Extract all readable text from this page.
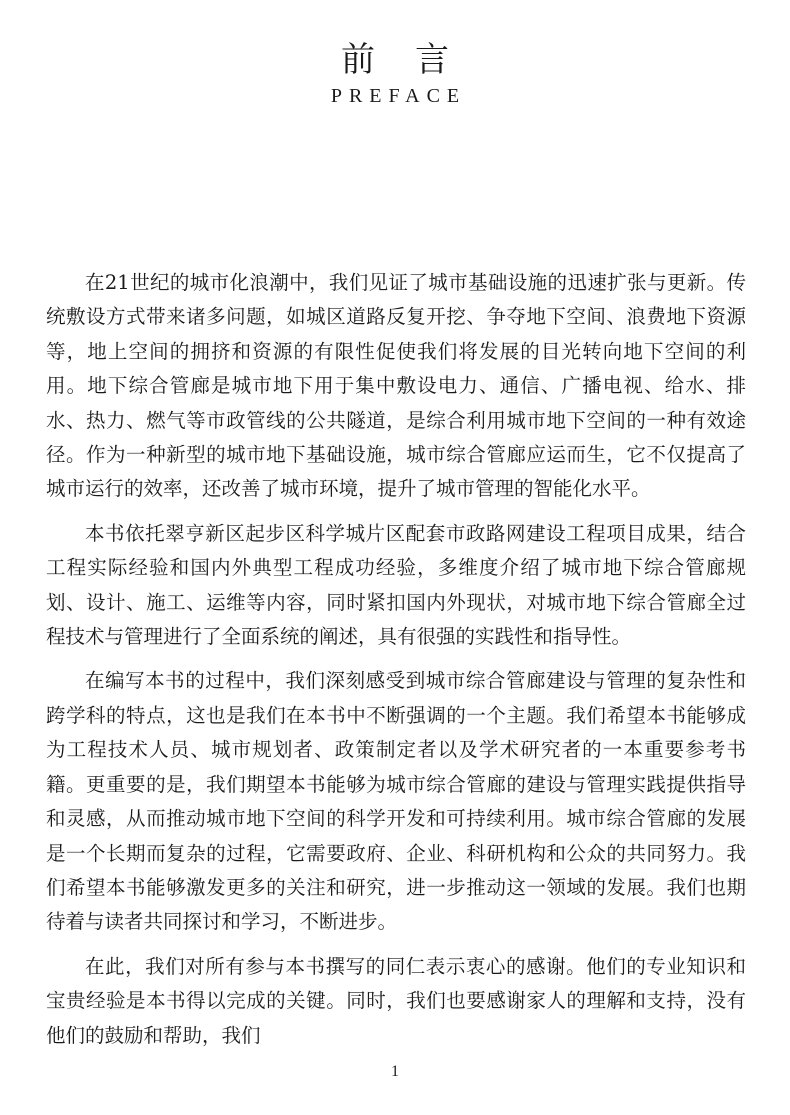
前言
PREFACE

在21世纪的城市化浪潮中，我们见证了城市基础设施的迅速扩张与更新。传统敷设方式带来诸多问题，如城区道路反复开挖、争夺地下空间、浪费地下资源等，地上空间的拥挤和资源的有限性促使我们将发展的目光转向地下空间的利用。地下综合管廊是城市地下用于集中敷设电力、通信、广播电视、给水、排水、热力、燃气等市政管线的公共隧道，是综合利用城市地下空间的一种有效途径。作为一种新型的城市地下基础设施，城市综合管廊应运而生，它不仅提高了城市运行的效率，还改善了城市环境，提升了城市管理的智能化水平。

本书依托翠亨新区起步区科学城片区配套市政路网建设工程项目成果，结合工程实际经验和国内外典型工程成功经验，多维度介绍了城市地下综合管廊规划、设计、施工、运维等内容，同时紧扣国内外现状，对城市地下综合管廊全过程技术与管理进行了全面系统的阐述，具有很强的实践性和指导性。

在编写本书的过程中，我们深刻感受到城市综合管廊建设与管理的复杂性和跨学科的特点，这也是我们在本书中不断强调的一个主题。我们希望本书能够成为工程技术人员、城市规划者、政策制定者以及学术研究者的一本重要参考书籍。更重要的是，我们期望本书能够为城市综合管廊的建设与管理实践提供指导和灵感，从而推动城市地下空间的科学开发和可持续利用。城市综合管廊的发展是一个长期而复杂的过程，它需要政府、企业、科研机构和公众的共同努力。我们希望本书能够激发更多的关注和研究，进一步推动这一领域的发展。我们也期待着与读者共同探讨和学习，不断进步。

在此，我们对所有参与本书撰写的同仁表示衷心的感谢。他们的专业知识和宝贵经验是本书得以完成的关键。同时，我们也要感谢家人的理解和支持，没有他们的鼓励和帮助，我们

1
